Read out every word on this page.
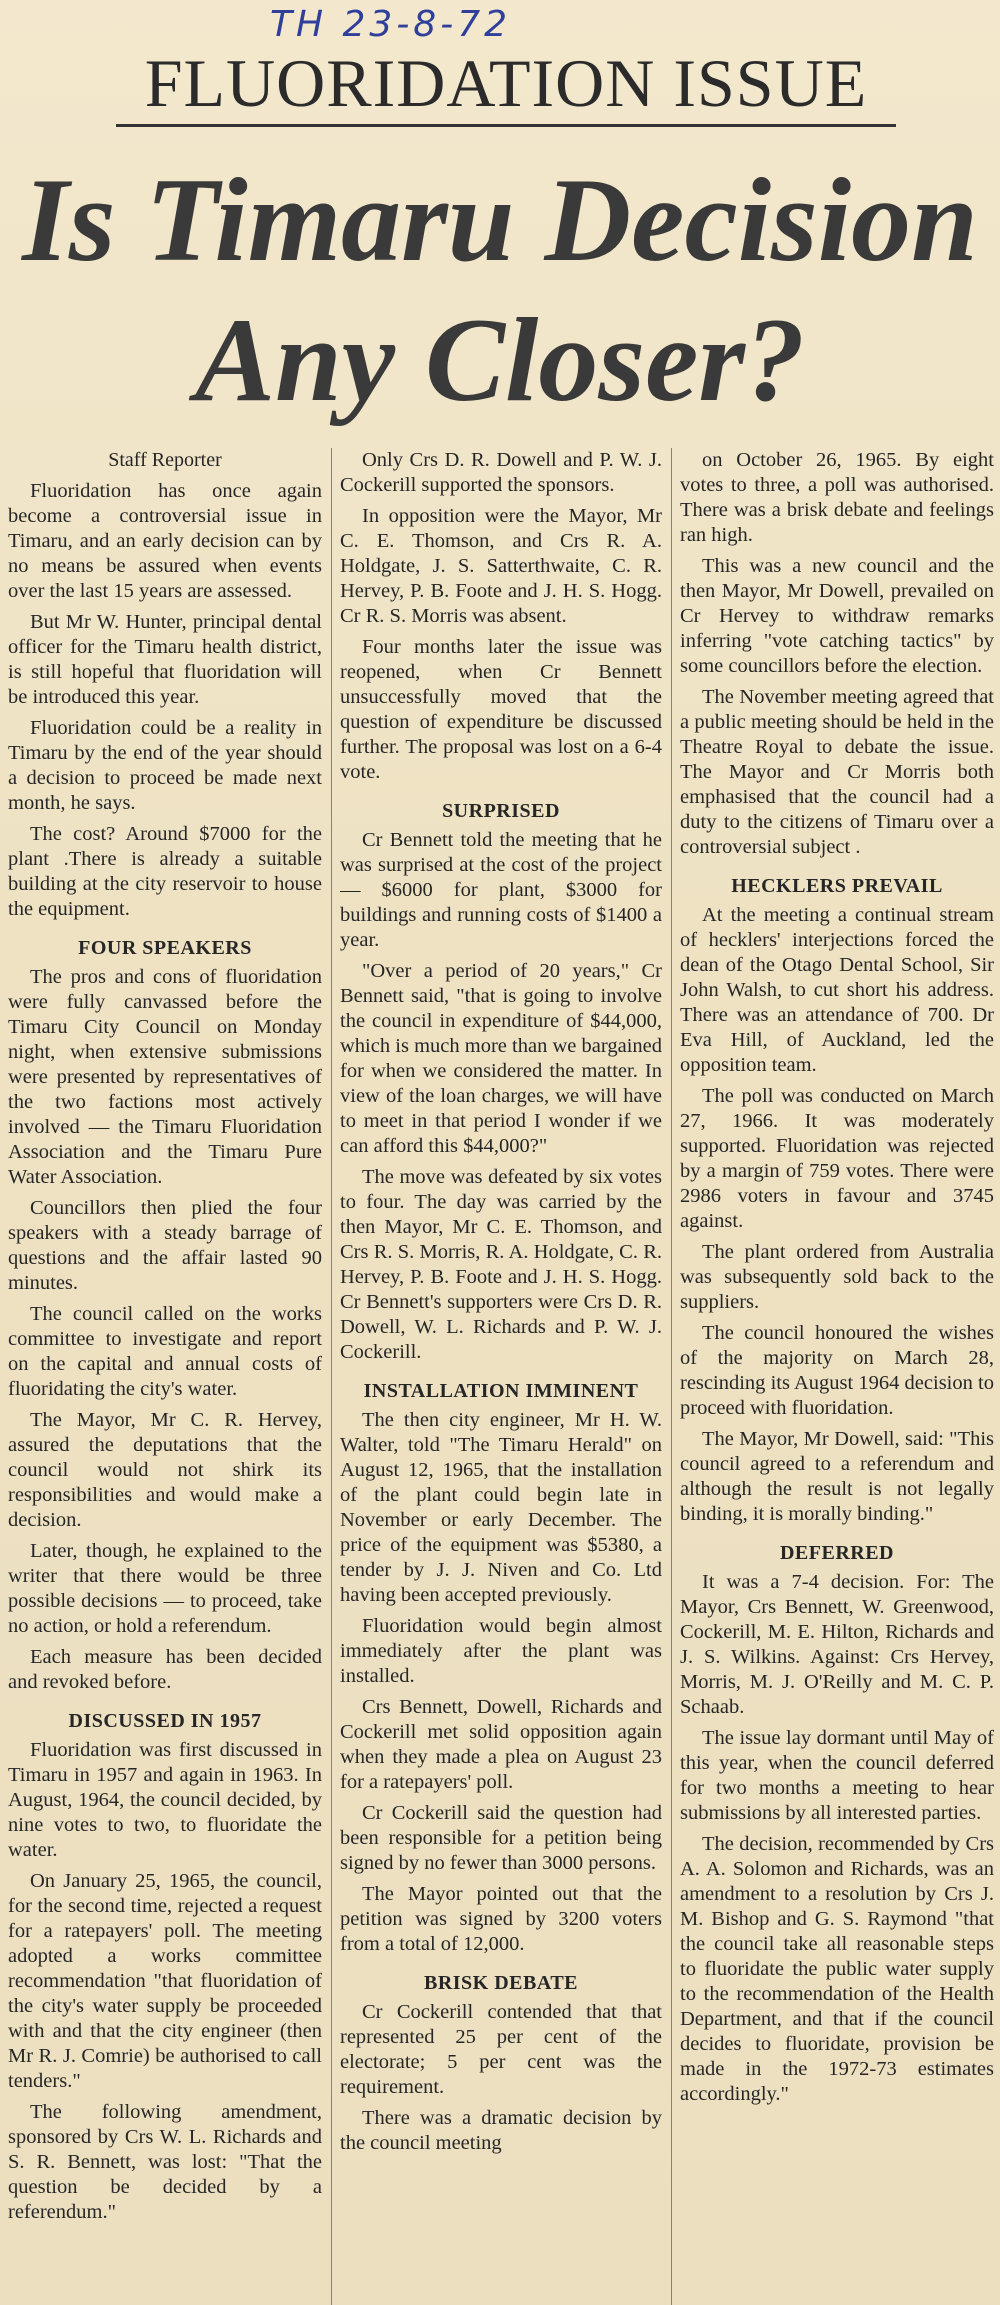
TH 23-8-72
FLUORIDATION ISSUE
Is Timaru Decision Any Closer?
Staff Reporter

Fluoridation has once again become a controversial issue in Timaru, and an early decision can by no means be assured when events over the last 15 years are assessed.

But Mr W. Hunter, principal dental officer for the Timaru health district, is still hopeful that fluoridation will be introduced this year.

Fluoridation could be a reality in Timaru by the end of the year should a decision to proceed be made next month, he says.

The cost? Around $7000 for the plant .There is already a suitable building at the city reservoir to house the equipment.

FOUR SPEAKERS

The pros and cons of fluoridation were fully canvassed before the Timaru City Council on Monday night, when extensive submissions were presented by representatives of the two factions most actively involved — the Timaru Fluoridation Association and the Timaru Pure Water Association.

Councillors then plied the four speakers with a steady barrage of questions and the affair lasted 90 minutes.

The council called on the works committee to investigate and report on the capital and annual costs of fluoridating the city's water.

The Mayor, Mr C. R. Hervey, assured the deputations that the council would not shirk its responsibilities and would make a decision.

Later, though, he explained to the writer that there would be three possible decisions — to proceed, take no action, or hold a referendum.

Each measure has been decided and revoked before.

DISCUSSED IN 1957

Fluoridation was first discussed in Timaru in 1957 and again in 1963. In August, 1964, the council decided, by nine votes to two, to fluoridate the water.

On January 25, 1965, the council, for the second time, rejected a request for a ratepayers' poll. The meeting adopted a works committee recommendation "that fluoridation of the city's water supply be proceeded with and that the city engineer (then Mr R. J. Comrie) be authorised to call tenders."

The following amendment, sponsored by Crs W. L. Richards and S. R. Bennett, was lost: "That the question be decided by a referendum."

Only Crs D. R. Dowell and P. W. J. Cockerill supported the sponsors.

In opposition were the Mayor, Mr C. E. Thomson, and Crs R. A. Holdgate, J. S. Satterthwaite, C. R. Hervey, P. B. Foote and J. H. S. Hogg. Cr R. S. Morris was absent.

Four months later the issue was reopened, when Cr Bennett unsuccessfully moved that the question of expenditure be discussed further. The proposal was lost on a 6-4 vote.

SURPRISED

Cr Bennett told the meeting that he was surprised at the cost of the project — $6000 for plant, $3000 for buildings and running costs of $1400 a year.

"Over a period of 20 years," Cr Bennett said, "that is going to involve the council in expenditure of $44,000, which is much more than we bargained for when we considered the matter. In view of the loan charges, we will have to meet in that period I wonder if we can afford this $44,000?"

The move was defeated by six votes to four. The day was carried by the then Mayor, Mr C. E. Thomson, and Crs R. S. Morris, R. A. Holdgate, C. R. Hervey, P. B. Foote and J. H. S. Hogg. Cr Bennett's supporters were Crs D. R. Dowell, W. L. Richards and P. W. J. Cockerill.

INSTALLATION IMMINENT

The then city engineer, Mr H. W. Walter, told "The Timaru Herald" on August 12, 1965, that the installation of the plant could begin late in November or early December. The price of the equipment was $5380, a tender by J. J. Niven and Co. Ltd having been accepted previously.

Fluoridation would begin almost immediately after the plant was installed.

Crs Bennett, Dowell, Richards and Cockerill met solid opposition again when they made a plea on August 23 for a ratepayers' poll.

Cr Cockerill said the question had been responsible for a petition being signed by no fewer than 3000 persons.

The Mayor pointed out that the petition was signed by 3200 voters from a total of 12,000.

BRISK DEBATE

Cr Cockerill contended that that represented 25 per cent of the electorate; 5 per cent was the requirement.

There was a dramatic decision by the council meeting

on October 26, 1965. By eight votes to three, a poll was authorised. There was a brisk debate and feelings ran high.

This was a new council and the then Mayor, Mr Dowell, prevailed on Cr Hervey to withdraw remarks inferring "vote catching tactics" by some councillors before the election.

The November meeting agreed that a public meeting should be held in the Theatre Royal to debate the issue. The Mayor and Cr Morris both emphasised that the council had a duty to the citizens of Timaru over a controversial subject .

HECKLERS PREVAIL

At the meeting a continual stream of hecklers' interjections forced the dean of the Otago Dental School, Sir John Walsh, to cut short his address. There was an attendance of 700. Dr Eva Hill, of Auckland, led the opposition team.

The poll was conducted on March 27, 1966. It was moderately supported. Fluoridation was rejected by a margin of 759 votes. There were 2986 voters in favour and 3745 against.

The plant ordered from Australia was subsequently sold back to the suppliers.

The council honoured the wishes of the majority on March 28, rescinding its August 1964 decision to proceed with fluoridation.

The Mayor, Mr Dowell, said: "This council agreed to a referendum and although the result is not legally binding, it is morally binding."

DEFERRED

It was a 7-4 decision. For: The Mayor, Crs Bennett, W. Greenwood, Cockerill, M. E. Hilton, Richards and J. S. Wilkins. Against: Crs Hervey, Morris, M. J. O'Reilly and M. C. P. Schaab.

The issue lay dormant until May of this year, when the council deferred for two months a meeting to hear submissions by all interested parties.

The decision, recommended by Crs A. A. Solomon and Richards, was an amendment to a resolution by Crs J. M. Bishop and G. S. Raymond "that the council take all reasonable steps to fluoridate the public water supply to the recommendation of the Health Department, and that if the council decides to fluoridate, provision be made in the 1972-73 estimates accordingly."
